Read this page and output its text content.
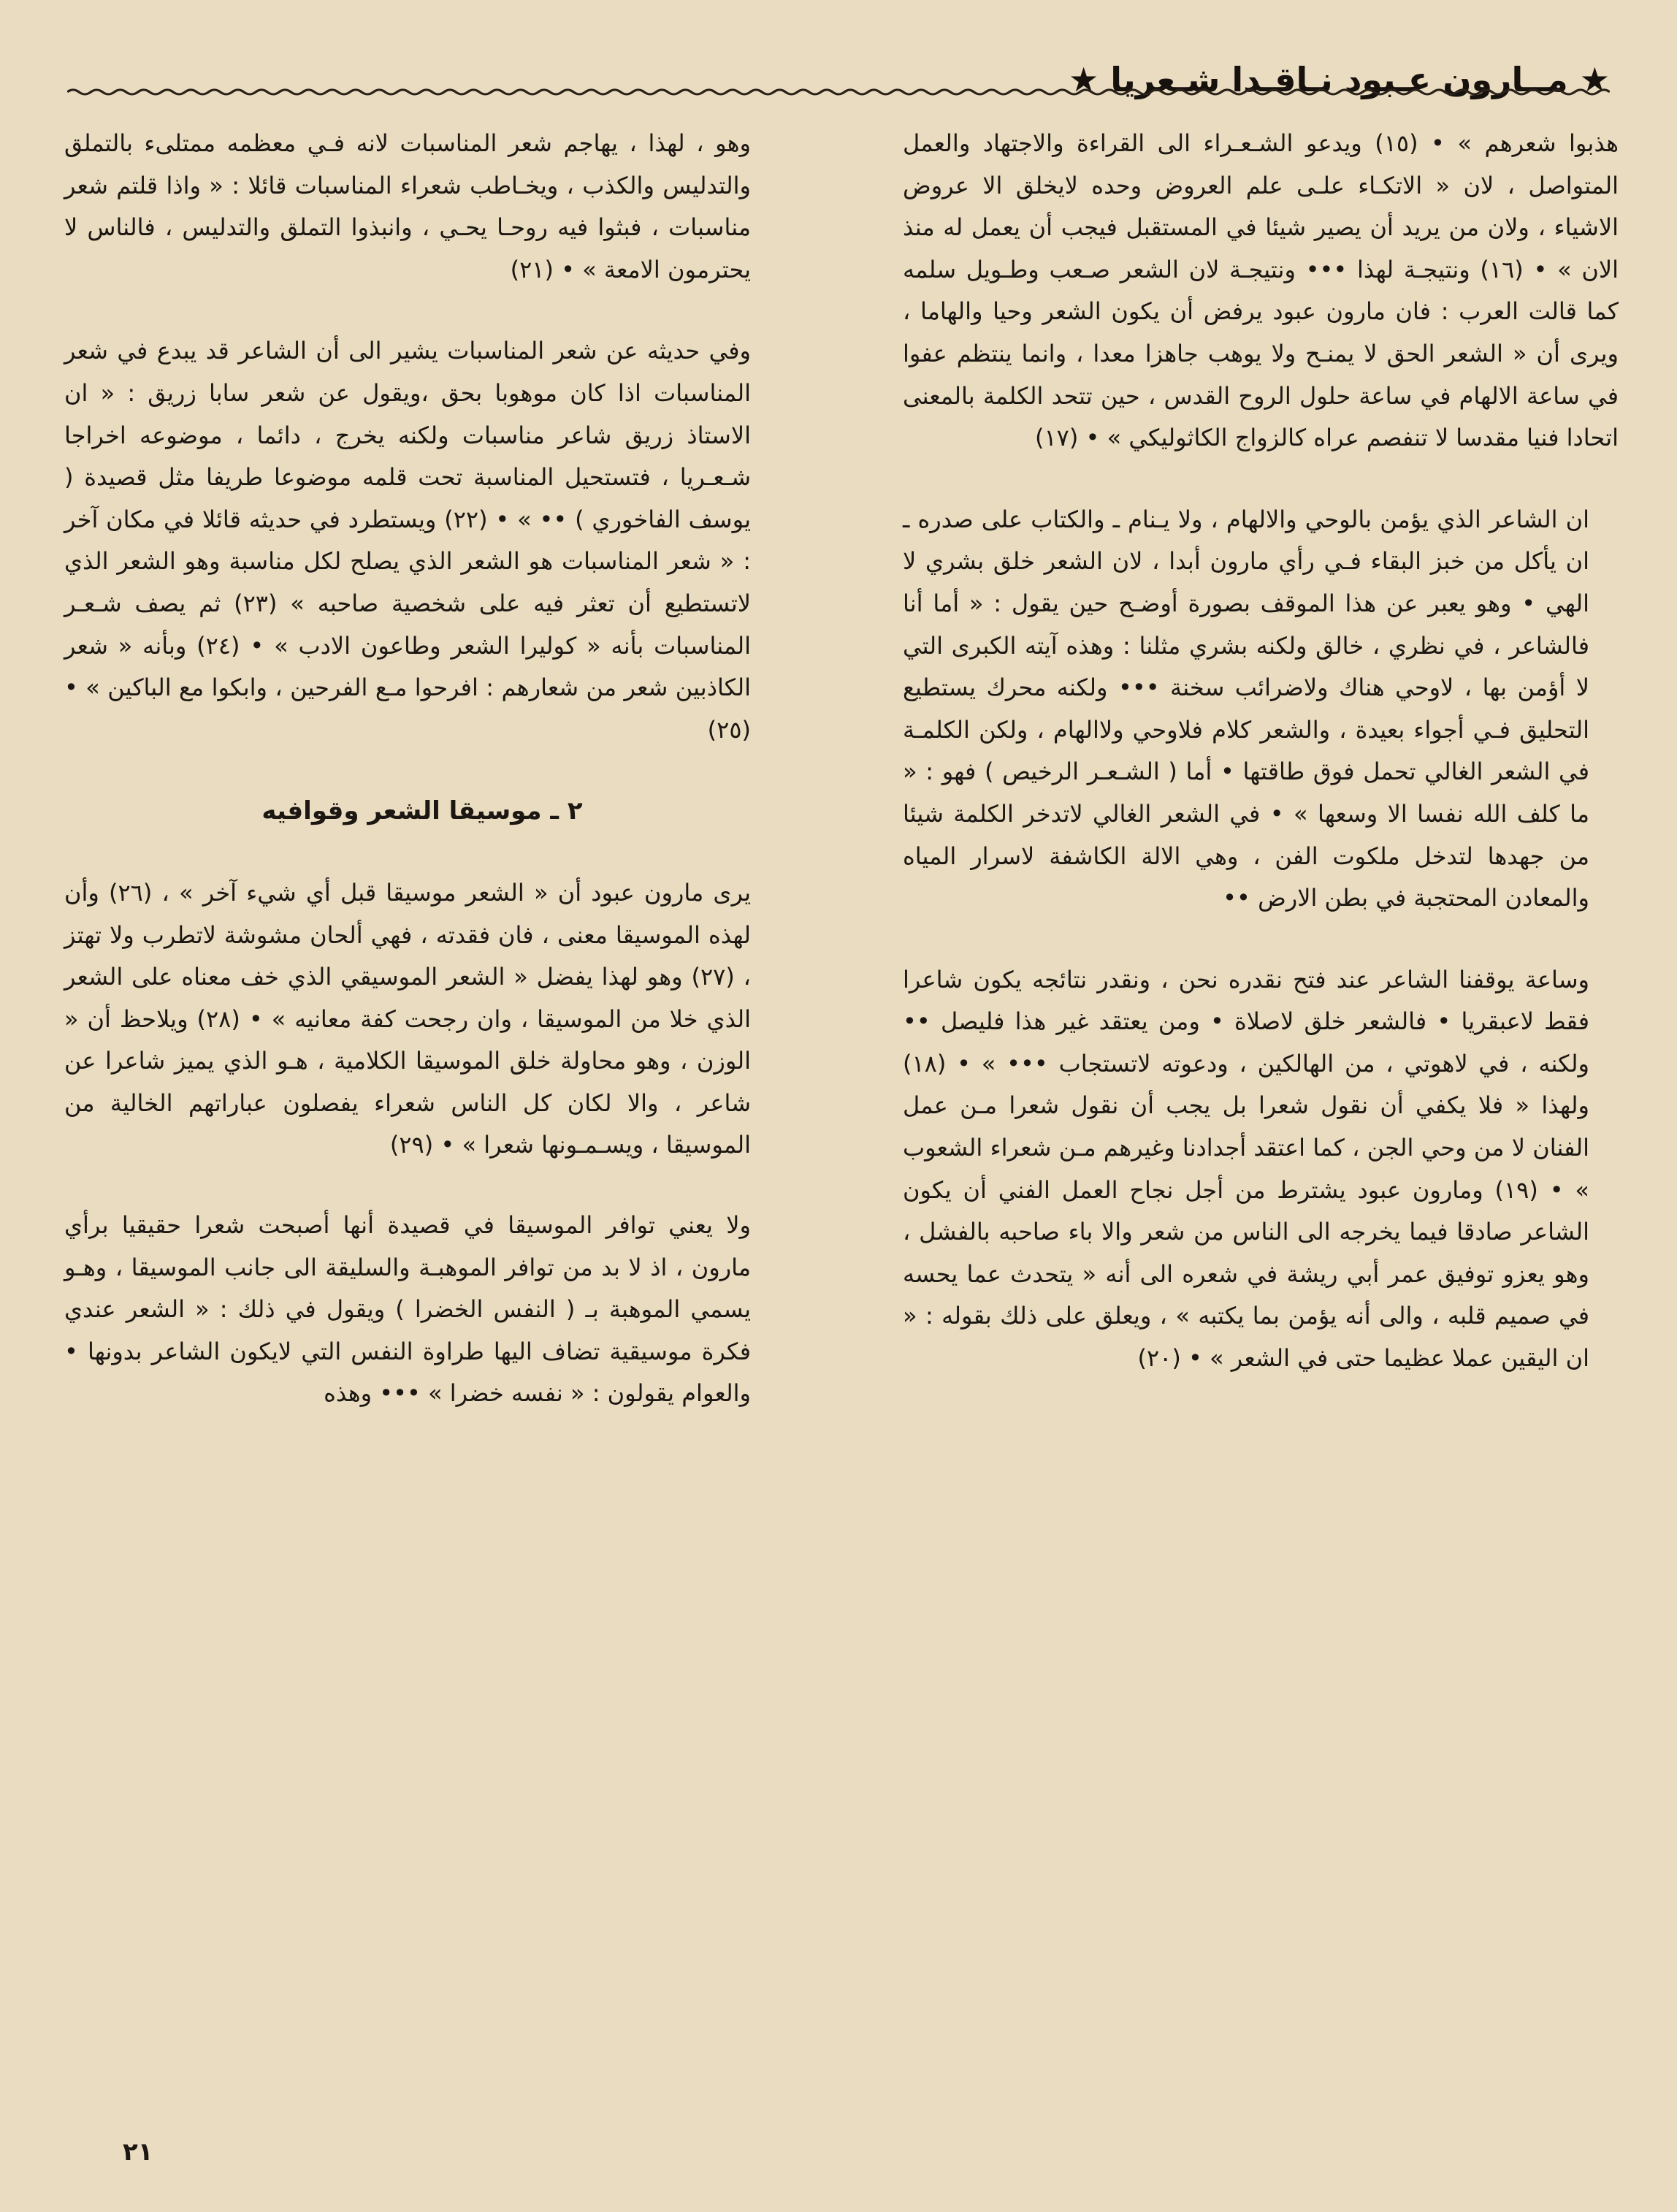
★ مــارون عـبود نـاقـدا شـعريا ★

هذبوا شعرهم » • (١٥) ويدعو الشـعـراء الى القراءة والاجتهاد والعمل المتواصل ، لان « الاتكـاء علـى علم العروض وحده لايخلق الا عروض الاشياء ، ولان من يريد أن يصير شيئا في المستقبل فيجب أن يعمل له منذ الان » • (١٦) ونتيجـة لهذا ••• ونتيجـة لان الشعر صـعب وطـويل سلمه كما قالت العرب : فان مارون عبود يرفض أن يكون الشعر وحيا والهاما ، ويرى أن « الشعر الحق لا يمنـح ولا يوهب جاهزا معدا ، وانما ينتظم عفوا في ساعة الالهام في ساعة حلول الروح القدس ، حين تتحد الكلمة بالمعنى اتحادا فنيا مقدسا لا تنفصم عراه كالزواج الكاثوليكي » • (١٧)

ان الشاعر الذي يؤمن بالوحي والالهام ، ولا يـنام ـ والكتاب على صدره ـ ان يأكل من خبز البقاء فـي رأي مارون أبدا ، لان الشعر خلق بشري لا الهي • وهو يعبر عن هذا الموقف بصورة أوضـح حين يقول : « أما أنا فالشاعر ، في نظري ، خالق ولكنه بشري مثلنا : وهذه آيته الكبرى التي لا أؤمن بها ، لاوحي هناك ولاضرائب سخنة ••• ولكنه محرك يستطيع التحليق فـي أجواء بعيدة ، والشعر كلام فلاوحي ولاالهام ، ولكن الكلمـة في الشعر الغالي تحمل فوق طاقتها • أما ( الشـعـر الرخيص ) فهو : « ما كلف الله نفسا الا وسعها » • في الشعر الغالي لاتدخر الكلمة شيئا من جهدها لتدخل ملكوت الفن ، وهي الالة الكاشفة لاسرار المياه والمعادن المحتجبة في بطن الارض ••

وساعة يوقفنا الشاعر عند فتح نقدره نحن ، ونقدر نتائجه يكون شاعرا فقط لاعبقريا • فالشعر خلق لاصلاة • ومن يعتقد غير هذا فليصل •• ولكنه ، في لاهوتي ، من الهالكين ، ودعوته لاتستجاب ••• » • (١٨) ولهذا « فلا يكفي أن نقول شعرا بل يجب أن نقول شعرا مـن عمل الفنان لا من وحي الجن ، كما اعتقد أجدادنا وغيرهم مـن شعراء الشعوب » • (١٩) ومارون عبود يشترط من أجل نجاح العمل الفني أن يكون الشاعر صادقا فيما يخرجه الى الناس من شعر والا باء صاحبه بالفشل ، وهو يعزو توفيق عمر أبي ريشة في شعره الى أنه « يتحدث عما يحسه في صميم قلبه ، والى أنه يؤمن بما يكتبه » ، ويعلق على ذلك بقوله : « ان اليقين عملا عظيما حتى في الشعر » • (٢٠)

وهو ، لهذا ، يهاجم شعر المناسبات لانه فـي معظمه ممتلىء بالتملق والتدليس والكذب ، ويخـاطب شعراء المناسبات قائلا : « واذا قلتم شعر مناسبات ، فبثوا فيه روحـا يحـي ، وانبذوا التملق والتدليس ، فالناس لا يحترمون الامعة » • (٢١)

وفي حديثه عن شعر المناسبات يشير الى أن الشاعر قد يبدع في شعر المناسبات اذا كان موهوبا بحق ،ويقول عن شعر سابا زريق : « ان الاستاذ زريق شاعر مناسبات ولكنه يخرج ، دائما ، موضوعه اخراجا شـعـريا ، فتستحيل المناسبة تحت قلمه موضوعا طريفا مثل قصيدة ( يوسف الفاخوري ) •• » • (٢٢) ويستطرد في حديثه قائلا في مكان آخر : « شعر المناسبات هو الشعر الذي يصلح لكل مناسبة وهو الشعر الذي لاتستطيع أن تعثر فيه على شخصية صاحبه » (٢٣) ثم يصف شـعـر المناسبات بأنه « كوليرا الشعر وطاعون الادب » • (٢٤) وبأنه « شعر الكاذبين شعر من شعارهم : افرحوا مـع الفرحين ، وابكوا مع الباكين » • (٢٥)

٢ ـ موسيقا الشعر وقوافيه

يرى مارون عبود أن « الشعر موسيقا قبل أي شيء آخر » ، (٢٦) وأن لهذه الموسيقا معنى ، فان فقدته ، فهي ألحان مشوشة لاتطرب ولا تهتز ، (٢٧) وهو لهذا يفضل « الشعر الموسيقي الذي خف معناه على الشعر الذي خلا من الموسيقا ، وان رجحت كفة معانيه » • (٢٨) ويلاحظ أن « الوزن ، وهو محاولة خلق الموسيقا الكلامية ، هـو الذي يميز شاعرا عن شاعر ، والا لكان كل الناس شعراء يفصلون عباراتهم الخالية من الموسيقا ، ويسـمـونها شعرا » • (٢٩)

ولا يعني توافر الموسيقا في قصيدة أنها أصبحت شعرا حقيقيا برأي مارون ، اذ لا بد من توافر الموهبـة والسليقة الى جانب الموسيقا ، وهـو يسمي الموهبة بـ ( النفس الخضرا ) ويقول في ذلك : « الشعر عندي فكرة موسيقية تضاف اليها طراوة النفس التي لايكون الشاعر بدونها • والعوام يقولون : « نفسه خضرا » ••• وهذه

٢١
